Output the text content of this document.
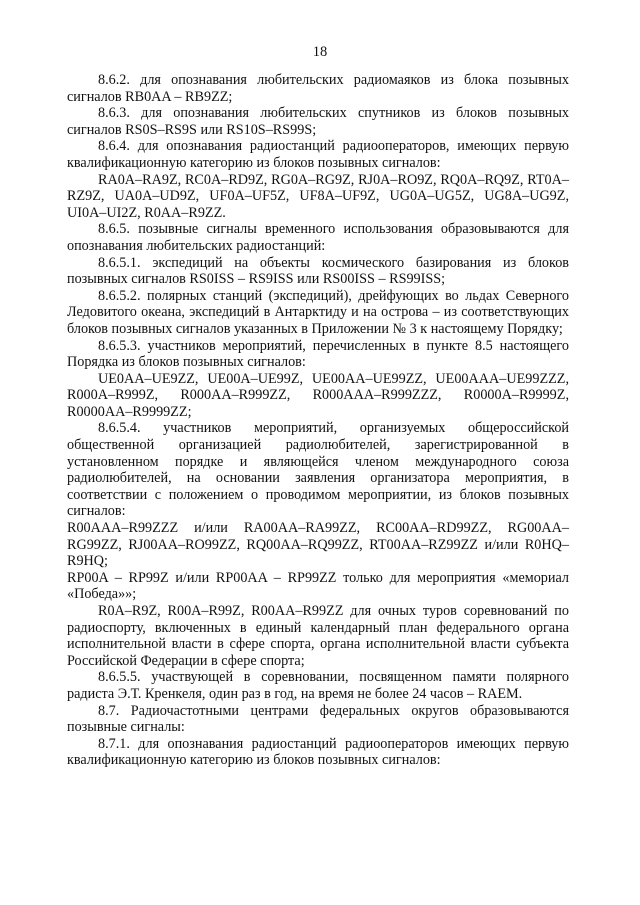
18

8.6.2. для опознавания любительских радиомаяков из блока позывных сигналов RB0AA – RB9ZZ;

8.6.3. для опознавания любительских спутников из блоков позывных сигналов RS0S–RS9S или RS10S–RS99S;

8.6.4. для опознавания радиостанций радиооператоров, имеющих первую квалификационную категорию из блоков позывных сигналов:

RA0A–RA9Z, RC0A–RD9Z, RG0A–RG9Z, RJ0A–RO9Z, RQ0A–RQ9Z, RT0A–RZ9Z, UA0A–UD9Z, UF0A–UF5Z, UF8A–UF9Z, UG0A–UG5Z, UG8A–UG9Z, UI0A–UI2Z, R0AA–R9ZZ.

8.6.5. позывные сигналы временного использования образовываются для опознавания любительских радиостанций:

8.6.5.1. экспедиций на объекты космического базирования из блоков позывных сигналов RS0ISS – RS9ISS или RS00ISS – RS99ISS;

8.6.5.2. полярных станций (экспедиций), дрейфующих во льдах Северного Ледовитого океана, экспедиций в Антарктиду и на острова – из соответствующих блоков позывных сигналов указанных в Приложении № 3 к настоящему Порядку;

8.6.5.3. участников мероприятий, перечисленных в пункте 8.5 настоящего Порядка из блоков позывных сигналов:

UE0AA–UE9ZZ, UE00A–UE99Z, UE00AA–UE99ZZ, UE00AAA–UE99ZZZ, R000A–R999Z, R000AA–R999ZZ, R000AAA–R999ZZZ, R0000A–R9999Z, R0000AA–R9999ZZ;

8.6.5.4. участников мероприятий, организуемых общероссийской общественной организацией радиолюбителей, зарегистрированной в установленном порядке и являющейся членом международного союза радиолюбителей, на основании заявления организатора мероприятия, в соответствии с положением о проводимом мероприятии, из блоков позывных сигналов:

R00AAA–R99ZZZ и/или RA00AA–RA99ZZ, RC00AA–RD99ZZ, RG00AA–RG99ZZ, RJ00AA–RO99ZZ, RQ00AA–RQ99ZZ, RT00AA–RZ99ZZ и/или R0HQ–R9HQ;

RP00A – RP99Z и/или RP00AA – RP99ZZ только для мероприятия «мемориал «Победа»»;

R0A–R9Z, R00A–R99Z, R00AA–R99ZZ для очных туров соревнований по радиоспорту, включенных в единый календарный план федерального органа исполнительной власти в сфере спорта, органа исполнительной власти субъекта Российской Федерации в сфере спорта;

8.6.5.5. участвующей в соревновании, посвященном памяти полярного радиста Э.Т. Кренкеля, один раз в год, на время не более 24 часов – RAEM.

8.7. Радиочастотными центрами федеральных округов образовываются позывные сигналы:

8.7.1. для опознавания радиостанций радиооператоров имеющих первую квалификационную категорию из блоков позывных сигналов:
